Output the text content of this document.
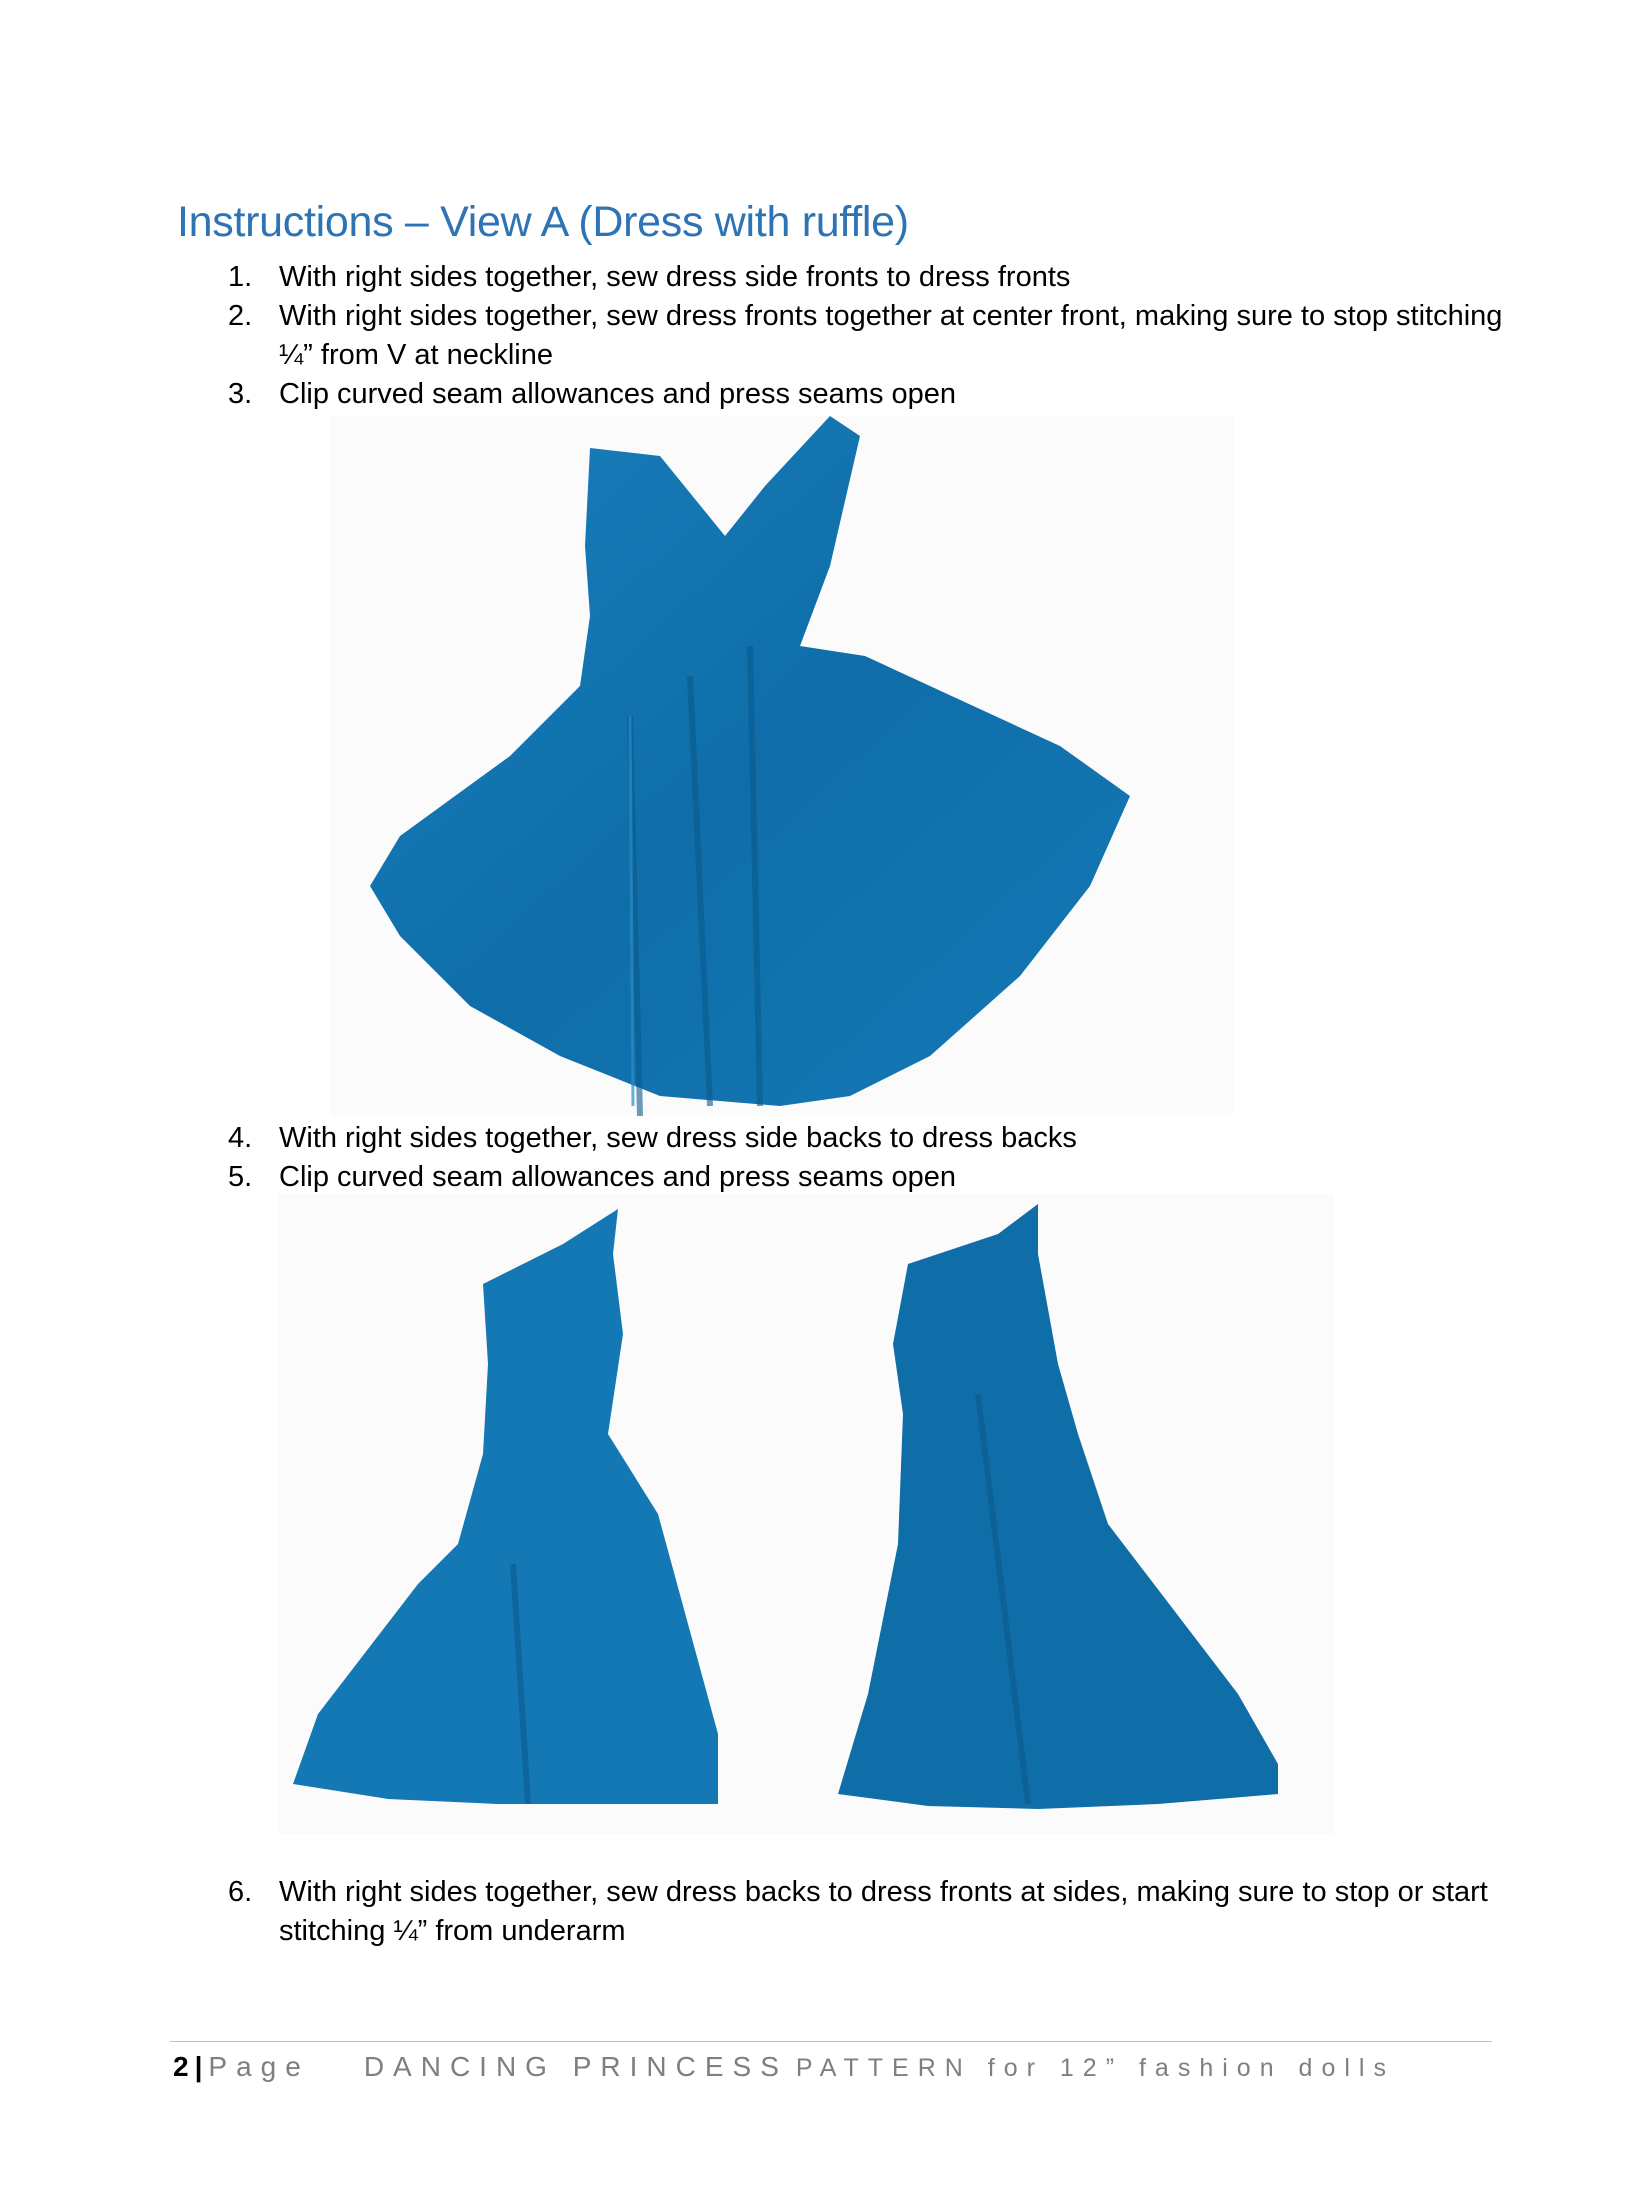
Instructions – View A (Dress with ruffle)
1. With right sides together, sew dress side fronts to dress fronts
2. With right sides together, sew dress fronts together at center front, making sure to stop stitching ¼” from V at neckline
3. Clip curved seam allowances and press seams open
4. With right sides together, sew dress side backs to dress backs
5. Clip curved seam allowances and press seams open
6. With right sides together, sew dress backs to dress fronts at sides, making sure to stop or start stitching ¼” from underarm
2 | Page DANCING PRINCESS PATTERN for 12” fashion dolls
